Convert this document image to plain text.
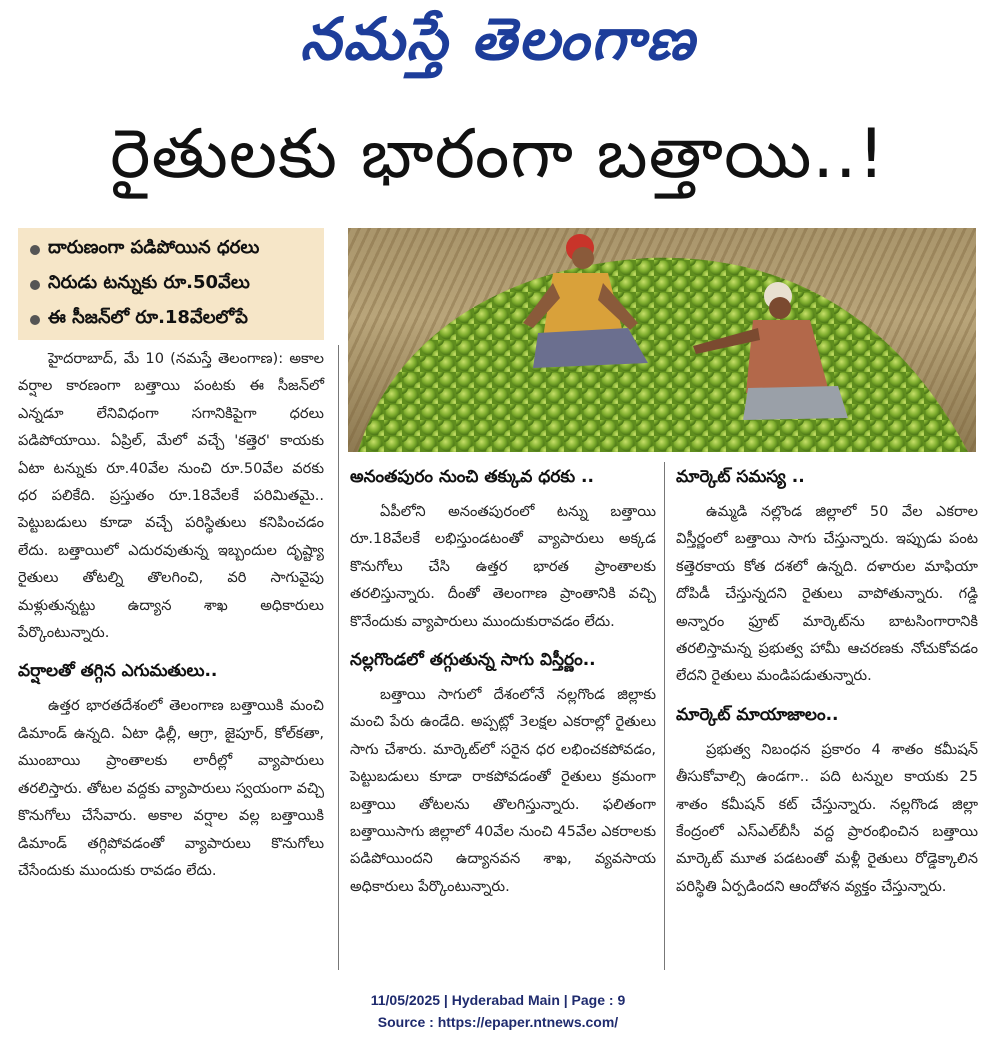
నమస్తే తెలంగాణ
రైతులకు భారంగా బత్తాయి..!
దారుణంగా పడిపోయిన ధరలు
నిరుడు టన్నుకు రూ.50వేలు
ఈ సీజన్‌లో రూ.18వేలలోపే

హైదరాబాద్, మే 10 (నమస్తే తెలంగాణ): అకాల వర్షాల కారణంగా బత్తాయి పంటకు ఈ సీజన్‌లో ఎన్నడూ లేనివిధంగా సగానికిపైగా ధరలు పడిపోయాయి. ఏప్రిల్, మేలో వచ్చే 'కత్తెర' కాయకు ఏటా టన్నుకు రూ.40వేల నుంచి రూ.50వేల వరకు ధర పలికేది. ప్రస్తుతం రూ.18వేలకే పరిమితమై.. పెట్టుబడులు కూడా వచ్చే పరిస్థితులు కనిపించడం లేదు. బత్తాయిలో ఎదురవుతున్న ఇబ్బందుల దృష్ట్యా రైతులు తోటల్ని తొలగించి, వరి సాగువైపు మళ్లుతున్నట్టు ఉద్యాన శాఖ అధికారులు పేర్కొంటున్నారు.

వర్షాలతో తగ్గిన ఎగుమతులు..

ఉత్తర భారతదేశంలో తెలంగాణ బత్తాయికి మంచి డిమాండ్ ఉన్నది. ఏటా ఢిల్లీ, ఆగ్రా, జైపూర్, కోల్‌కతా, ముంబాయి ప్రాంతాలకు లారీల్లో వ్యాపారులు తరలిస్తారు. తోటల వద్దకు వ్యాపారులు స్వయంగా వచ్చి కొనుగోలు చేసేవారు. అకాల వర్షాల వల్ల బత్తాయికి డిమాండ్ తగ్గిపోవడంతో వ్యాపారులు కొనుగోలు చేసేందుకు ముందుకు రావడం లేదు.

అనంతపురం నుంచి తక్కువ ధరకు ..

ఏపీలోని అనంతపురంలో టన్ను బత్తాయి రూ.18వేలకే లభిస్తుండటంతో వ్యాపారులు అక్కడ కొనుగోలు చేసి ఉత్తర భారత ప్రాంతాలకు తరలిస్తున్నారు. దీంతో తెలంగాణ ప్రాంతానికి వచ్చి కొనేందుకు వ్యాపారులు ముందుకురావడం లేదు.

నల్లగొండలో తగ్గుతున్న సాగు విస్తీర్ణం..

బత్తాయి సాగులో దేశంలోనే నల్లగొండ జిల్లాకు మంచి పేరు ఉండేది. అప్పట్లో 3లక్షల ఎకరాల్లో రైతులు సాగు చేశారు. మార్కెట్‌లో సరైన ధర లభించకపోవడం, పెట్టుబడులు కూడా రాకపోవడంతో రైతులు క్రమంగా బత్తాయి తోటలను తొలగిస్తున్నారు. ఫలితంగా బత్తాయిసాగు జిల్లాలో 40వేల నుంచి 45వేల ఎకరాలకు పడిపోయిందని ఉద్యానవన శాఖ, వ్యవసాయ అధికారులు పేర్కొంటున్నారు.

మార్కెట్ సమస్య ..

ఉమ్మడి నల్లొండ జిల్లాలో 50 వేల ఎకరాల విస్తీర్ణంలో బత్తాయి సాగు చేస్తున్నారు. ఇప్పుడు పంట కత్తెరకాయ కోత దశలో ఉన్నది. దళారుల మాఫియా దోపిడీ చేస్తున్నదని రైతులు వాపోతున్నారు. గడ్డి అన్నారం ఫ్రూట్ మార్కెట్‌ను బాటసింగారానికి తరలిస్తామన్న ప్రభుత్వ హామీ ఆచరణకు నోచుకోవడం లేదని రైతులు మండిపడుతున్నారు.

మార్కెట్ మాయాజాలం..

ప్రభుత్వ నిబంధన ప్రకారం 4 శాతం కమీషన్ తీసుకోవాల్సి ఉండగా.. పది టన్నుల కాయకు 25 శాతం కమీషన్ కట్ చేస్తున్నారు. నల్లగొండ జిల్లా కేంద్రంలో ఎస్ఎల్‌బీసీ వద్ద ప్రారంభించిన బత్తాయి మార్కెట్ మూత పడటంతో మళ్లీ రైతులు రోడ్డెక్కాలిన పరిస్థితి ఏర్పడిందని ఆందోళన వ్యక్తం చేస్తున్నారు.

11/05/2025 | Hyderabad Main | Page : 9
Source : https://epaper.ntnews.com/
